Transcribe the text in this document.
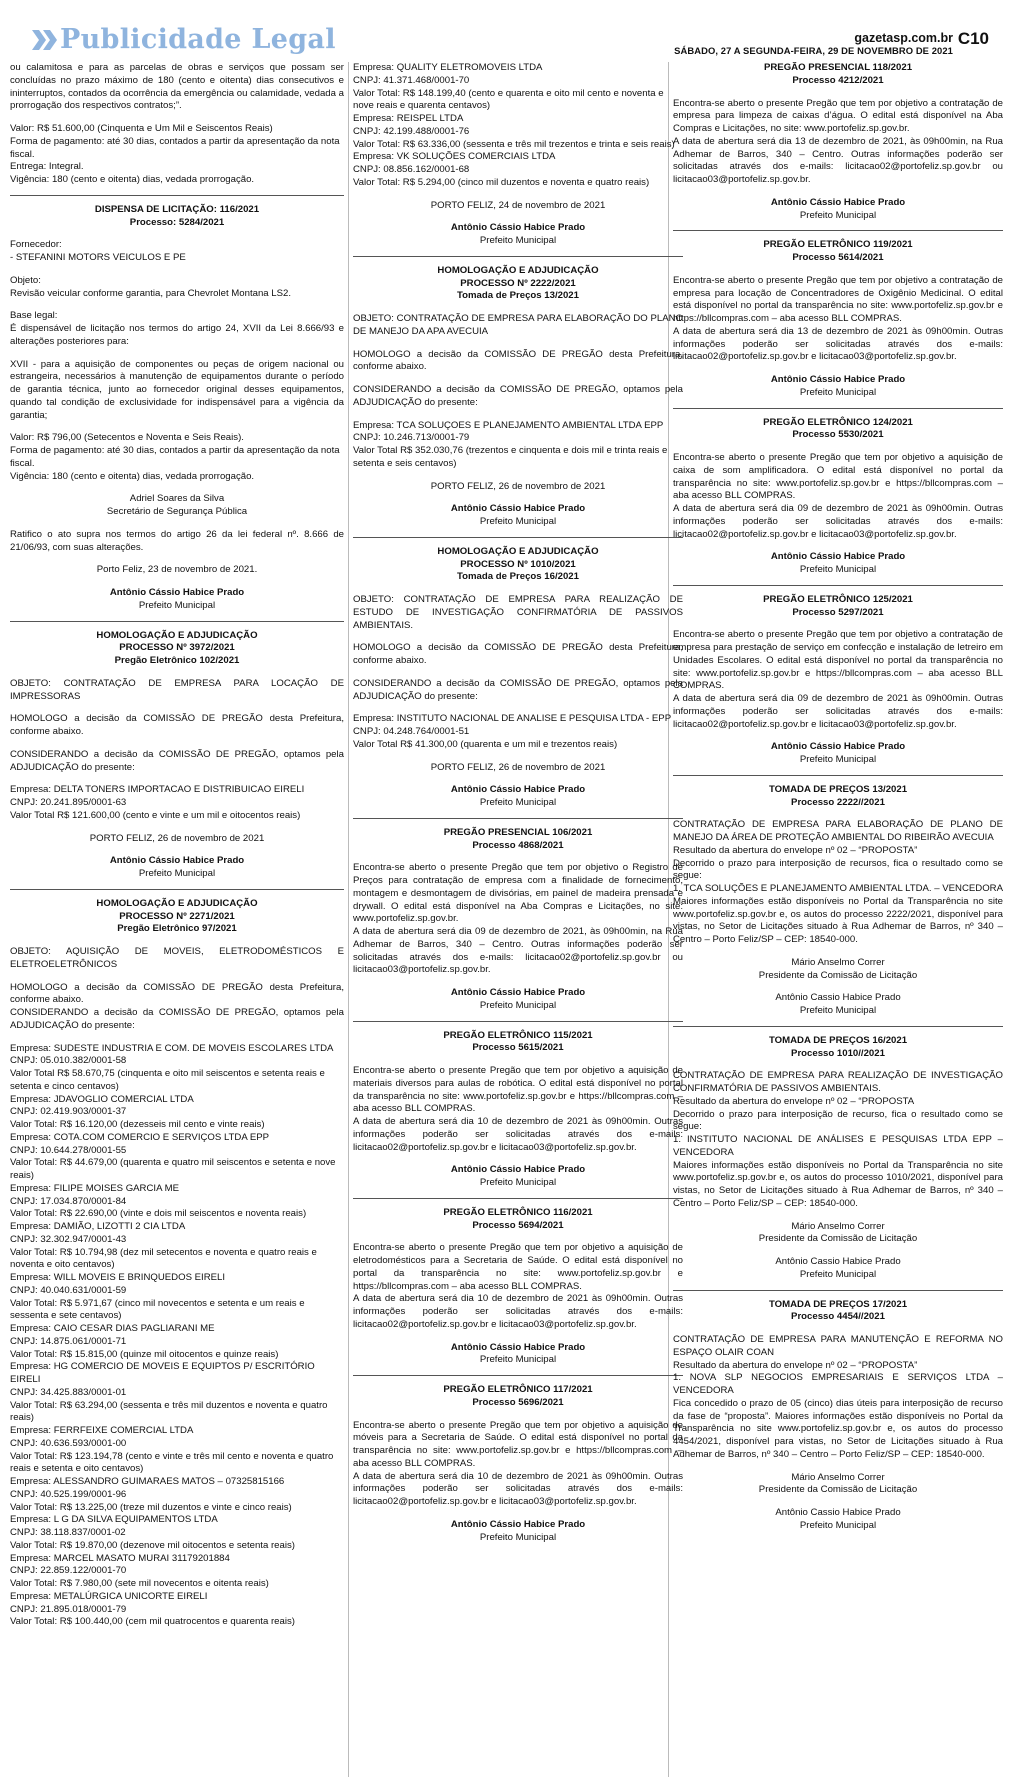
Publicidade Legal	gazetasp.com.br C10
SÁBADO, 27 A SEGUNDA-FEIRA, 29 DE NOVEMBRO DE 2021

ou calamitosa e para as parcelas de obras e serviços que possam ser concluídas no prazo máximo de 180 (cento e oitenta) dias consecutivos e ininterruptos, contados da ocorrência da emergência ou calamidade, vedada a prorrogação dos respectivos contratos;”.

Valor: R$ 51.600,00 (Cinquenta e Um Mil e Seiscentos Reais)
Forma de pagamento: até 30 dias, contados a partir da apresentação da nota fiscal.
Entrega: Integral.
Vigência: 180 (cento e oitenta) dias, vedada prorrogação.

DISPENSA DE LICITAÇÃO: 116/2021

Processo: 5284/2021

Fornecedor:

- STEFANINI MOTORS VEICULOS E PE

Objeto:

Revisão veicular conforme garantia, para Chevrolet Montana LS2.

Base legal:

É dispensável de licitação nos termos do artigo 24, XVII da Lei 8.666/93 e alterações posteriores para:

XVII - para a aquisição de componentes ou peças de origem nacional ou estrangeira, necessários à manutenção de equipamentos durante o período de garantia técnica, junto ao fornecedor original desses equipamentos, quando tal condição de exclusividade for indispensável para a vigência da garantia;

Valor: R$ 796,00 (Setecentos e Noventa e Seis Reais).
Forma de pagamento: até 30 dias, contados a partir da apresentação da nota fiscal.

Vigência: 180 (cento e oitenta) dias, vedada prorrogação.

Adriel Soares da Silva

Secretário de Segurança Pública

Ratifico o ato supra nos termos do artigo 26 da lei federal nº. 8.666 de 21/06/93, com suas alterações.

Porto Feliz, 23 de novembro de 2021.

Antônio Cássio Habice Prado

Prefeito Municipal

HOMOLOGAÇÃO E ADJUDICAÇÃO

PROCESSO Nº 3972/2021

Pregão Eletrônico 102/2021

OBJETO: CONTRATAÇÃO DE EMPRESA PARA LOCAÇÃO DE IMPRESSORAS

HOMOLOGO a decisão da COMISSÃO DE PREGÃO desta Prefeitura, conforme abaixo.

CONSIDERANDO a decisão da COMISSÃO DE PREGÃO, optamos pela ADJUDICAÇÃO do presente:

Empresa: DELTA TONERS IMPORTACAO E DISTRIBUICAO EIRELI
CNPJ: 20.241.895/0001-63

Valor Total R$ 121.600,00 (cento e vinte e um mil e oitocentos reais)

PORTO FELIZ, 26 de novembro de 2021

Antônio Cássio Habice Prado

Prefeito Municipal

HOMOLOGAÇÃO E ADJUDICAÇÃO

PROCESSO Nº 2271/2021

Pregão Eletrônico 97/2021

OBJETO: AQUISIÇÃO DE MOVEIS, ELETRODOMÉSTICOS E ELETROELETRÔNICOS

HOMOLOGO a decisão da COMISSÃO DE PREGÃO desta Prefeitura, conforme abaixo.

CONSIDERANDO a decisão da COMISSÃO DE PREGÃO, optamos pela ADJUDICAÇÃO do presente:

Empresa: SUDESTE INDUSTRIA E COM. DE MOVEIS ESCOLARES LTDA
CNPJ: 05.010.382/0001-58
Valor Total R$ 58.670,75 (cinquenta e oito mil seiscentos e setenta reais e setenta e cinco centavos)
Empresa: JDAVOGLIO COMERCIAL LTDA
CNPJ: 02.419.903/0001-37
Valor Total: R$ 16.120,00 (dezesseis mil cento e vinte reais)
Empresa: COTA.COM COMERCIO E SERVIÇOS LTDA EPP
CNPJ: 10.644.278/0001-55
Valor Total: R$ 44.679,00 (quarenta e quatro mil seiscentos e setenta e nove reais)
Empresa: FILIPE MOISES GARCIA ME
CNPJ: 17.034.870/0001-84
Valor Total: R$ 22.690,00 (vinte e dois mil seiscentos e noventa reais)
Empresa: DAMIÃO, LIZOTTI 2 CIA LTDA
CNPJ: 32.302.947/0001-43
Valor Total: R$ 10.794,98 (dez mil setecentos e noventa e quatro reais e noventa e oito centavos)
Empresa: WILL MOVEIS E BRINQUEDOS EIRELI
CNPJ: 40.040.631/0001-59
Valor Total: R$ 5.971,67 (cinco mil novecentos e setenta e um reais e sessenta e sete centavos)
Empresa: CAIO CESAR DIAS PAGLIARANI ME
CNPJ: 14.875.061/0001-71
Valor Total: R$ 15.815,00 (quinze mil oitocentos e quinze reais)
Empresa: HG COMERCIO DE MOVEIS E EQUIPTOS P/ ESCRITÓRIO EIRELI
CNPJ: 34.425.883/0001-01
Valor Total: R$ 63.294,00 (sessenta e três mil duzentos e noventa e quatro reais)
Empresa: FERRFEIXE COMERCIAL LTDA
CNPJ: 40.636.593/0001-00
Valor Total: R$ 123.194,78 (cento e vinte e três mil cento e noventa e quatro reais e setenta e oito centavos)
Empresa: ALESSANDRO GUIMARAES MATOS – 07325815166
CNPJ: 40.525.199/0001-96
Valor Total: R$ 13.225,00 (treze mil duzentos e vinte e cinco reais)
Empresa: L G DA SILVA EQUIPAMENTOS LTDA
CNPJ: 38.118.837/0001-02
Valor Total: R$ 19.870,00 (dezenove mil oitocentos e setenta reais)
Empresa: MARCEL MASATO MURAI 31179201884
CNPJ: 22.859.122/0001-70
Valor Total: R$ 7.980,00 (sete mil novecentos e oitenta reais)
Empresa: METALÚRGICA UNICORTE EIRELI
CNPJ: 21.895.018/0001-79
Valor Total: R$ 100.440,00 (cem mil quatrocentos e quarenta reais)
Empresa: QUALITY ELETROMOVEIS LTDA
CNPJ: 41.371.468/0001-70
Valor Total: R$ 148.199,40 (cento e quarenta e oito mil cento e noventa e nove reais e quarenta centavos)
Empresa: REISPEL LTDA
CNPJ: 42.199.488/0001-76
Valor Total: R$ 63.336,00 (sessenta e três mil trezentos e trinta e seis reais)
Empresa: VK SOLUÇÕES COMERCIAIS LTDA
CNPJ: 08.856.162/0001-68
Valor Total: R$ 5.294,00 (cinco mil duzentos e noventa e quatro reais)

PORTO FELIZ, 24 de novembro de 2021

Antônio Cássio Habice Prado

Prefeito Municipal

HOMOLOGAÇÃO E ADJUDICAÇÃO

PROCESSO Nº 2222/2021

Tomada de Preços 13/2021

OBJETO: CONTRATAÇÃO DE EMPRESA PARA ELABORAÇÃO DO PLANO DE MANEJO DA APA AVECUIA

HOMOLOGO a decisão da COMISSÃO DE PREGÃO desta Prefeitura, conforme abaixo.

CONSIDERANDO a decisão da COMISSÃO DE PREGÃO, optamos pela ADJUDICAÇÃO do presente:

Empresa: TCA SOLUÇOES E PLANEJAMENTO AMBIENTAL LTDA EPP
CNPJ: 10.246.713/0001-79

Valor Total R$ 352.030,76 (trezentos e cinquenta e dois mil e trinta reais e setenta e seis centavos)

PORTO FELIZ, 26 de novembro de 2021

Antônio Cássio Habice Prado

Prefeito Municipal

HOMOLOGAÇÃO E ADJUDICAÇÃO

PROCESSO Nº 1010/2021

Tomada de Preços 16/2021

OBJETO: CONTRATAÇÃO DE EMPRESA PARA REALIZAÇÃO DE ESTUDO DE INVESTIGAÇÃO CONFIRMATÓRIA DE PASSIVOS AMBIENTAIS.

HOMOLOGO a decisão da COMISSÃO DE PREGÃO desta Prefeitura, conforme abaixo.

CONSIDERANDO a decisão da COMISSÃO DE PREGÃO, optamos pela ADJUDICAÇÃO do presente:

Empresa: INSTITUTO NACIONAL DE ANALISE E PESQUISA LTDA - EPP
CNPJ: 04.248.764/0001-51

Valor Total R$ 41.300,00 (quarenta e um mil e trezentos reais)

PORTO FELIZ, 26 de novembro de 2021

Antônio Cássio Habice Prado

Prefeito Municipal

PREGÃO PRESENCIAL 106/2021

Processo 4868/2021

Encontra-se aberto o presente Pregão que tem por objetivo o Registro de Preços para contratação de empresa com a finalidade de fornecimento, montagem e desmontagem de divisórias, em painel de madeira prensada e drywall. O edital está disponível na Aba Compras e Licitações, no site: www.portofeliz.sp.gov.br.

A data de abertura será dia 09 de dezembro de 2021, às 09h00min, na Rua Adhemar de Barros, 340 – Centro. Outras informações poderão ser solicitadas através dos e-mails: licitacao02@portofeliz.sp.gov.br ou licitacao03@portofeliz.sp.gov.br.

Antônio Cássio Habice Prado

Prefeito Municipal

PREGÃO ELETRÔNICO 115/2021

Processo 5615/2021

Encontra-se aberto o presente Pregão que tem por objetivo a aquisição de materiais diversos para aulas de robótica. O edital está disponível no portal da transparência no site: www.portofeliz.sp.gov.br e https://bllcompras.com – aba acesso BLL COMPRAS.

A data de abertura será dia 10 de dezembro de 2021 às 09h00min. Outras informações poderão ser solicitadas através dos e-mails: licitacao02@portofeliz.sp.gov.br e licitacao03@portofeliz.sp.gov.br.

Antônio Cássio Habice Prado

Prefeito Municipal

PREGÃO ELETRÔNICO 116/2021

Processo 5694/2021

Encontra-se aberto o presente Pregão que tem por objetivo a aquisição de eletrodomésticos para a Secretaria de Saúde. O edital está disponível no portal da transparência no site: www.portofeliz.sp.gov.br e https://bllcompras.com – aba acesso BLL COMPRAS.

A data de abertura será dia 10 de dezembro de 2021 às 09h00min. Outras informações poderão ser solicitadas através dos e-mails: licitacao02@portofeliz.sp.gov.br e licitacao03@portofeliz.sp.gov.br.

Antônio Cássio Habice Prado

Prefeito Municipal

PREGÃO ELETRÔNICO 117/2021

Processo 5696/2021

Encontra-se aberto o presente Pregão que tem por objetivo a aquisição de móveis para a Secretaria de Saúde. O edital está disponível no portal da transparência no site: www.portofeliz.sp.gov.br e https://bllcompras.com – aba acesso BLL COMPRAS.

A data de abertura será dia 10 de dezembro de 2021 às 09h00min. Outras informações poderão ser solicitadas através dos e-mails: licitacao02@portofeliz.sp.gov.br e licitacao03@portofeliz.sp.gov.br.

Antônio Cássio Habice Prado

Prefeito Municipal

PREGÃO PRESENCIAL 118/2021

Processo 4212/2021

Encontra-se aberto o presente Pregão que tem por objetivo a contratação de empresa para limpeza de caixas d’água. O edital está disponível na Aba Compras e Licitações, no site: www.portofeliz.sp.gov.br.

A data de abertura será dia 13 de dezembro de 2021, às 09h00min, na Rua Adhemar de Barros, 340 – Centro. Outras informações poderão ser solicitadas através dos e-mails: licitacao02@portofeliz.sp.gov.br ou licitacao03@portofeliz.sp.gov.br.

Antônio Cássio Habice Prado

Prefeito Municipal

PREGÃO ELETRÔNICO 119/2021

Processo 5614/2021

Encontra-se aberto o presente Pregão que tem por objetivo a contratação de empresa para locação de Concentradores de Oxigênio Medicinal. O edital está disponível no portal da transparência no site: www.portofeliz.sp.gov.br e https://bllcompras.com – aba acesso BLL COMPRAS.

A data de abertura será dia 13 de dezembro de 2021 às 09h00min. Outras informações poderão ser solicitadas através dos e-mails: licitacao02@portofeliz.sp.gov.br e licitacao03@portofeliz.sp.gov.br.

Antônio Cássio Habice Prado

Prefeito Municipal

PREGÃO ELETRÔNICO 124/2021

Processo 5530/2021

Encontra-se aberto o presente Pregão que tem por objetivo a aquisição de caixa de som amplificadora. O edital está disponível no portal da transparência no site: www.portofeliz.sp.gov.br e https://bllcompras.com – aba acesso BLL COMPRAS.

A data de abertura será dia 09 de dezembro de 2021 às 09h00min. Outras informações poderão ser solicitadas através dos e-mails: licitacao02@portofeliz.sp.gov.br e licitacao03@portofeliz.sp.gov.br.

Antônio Cássio Habice Prado

Prefeito Municipal

PREGÃO ELETRÔNICO 125/2021

Processo 5297/2021

Encontra-se aberto o presente Pregão que tem por objetivo a contratação de empresa para prestação de serviço em confecção e instalação de letreiro em Unidades Escolares. O edital está disponível no portal da transparência no site: www.portofeliz.sp.gov.br e https://bllcompras.com – aba acesso BLL COMPRAS.

A data de abertura será dia 09 de dezembro de 2021 às 09h00min. Outras informações poderão ser solicitadas através dos e-mails: licitacao02@portofeliz.sp.gov.br e licitacao03@portofeliz.sp.gov.br.

Antônio Cássio Habice Prado

Prefeito Municipal

TOMADA DE PREÇOS 13/2021

Processo 2222//2021

CONTRATAÇÃO DE EMPRESA PARA ELABORAÇÃO DE PLANO DE MANEJO DA ÁREA DE PROTEÇÃO AMBIENTAL DO RIBEIRÃO AVECUIA
Resultado da abertura do envelope nº 02 – “PROPOSTA”
Decorrido o prazo para interposição de recursos, fica o resultado como se segue:
1. TCA SOLUÇÕES E PLANEJAMENTO AMBIENTAL LTDA. – VENCEDORA

Maiores informações estão disponíveis no Portal da Transparência no site www.portofeliz.sp.gov.br e, os autos do processo 2222/2021, disponível para vistas, no Setor de Licitações situado à Rua Adhemar de Barros, nº 340 – Centro – Porto Feliz/SP – CEP: 18540-000.

Mário Anselmo Correr

Presidente da Comissão de Licitação

Antônio Cassio Habice Prado

Prefeito Municipal

TOMADA DE PREÇOS 16/2021

Processo 1010//2021

CONTRATAÇÃO DE EMPRESA PARA REALIZAÇÃO DE INVESTIGAÇÃO CONFIRMATÓRIA DE PASSIVOS AMBIENTAIS.
Resultado da abertura do envelope nº 02 – “PROPOSTA
Decorrido o prazo para interposição de recurso, fica o resultado como se segue:
1. INSTITUTO NACIONAL DE ANÁLISES E PESQUISAS LTDA EPP – VENCEDORA

Maiores informações estão disponíveis no Portal da Transparência no site www.portofeliz.sp.gov.br e, os autos do processo 1010/2021, disponível para vistas, no Setor de Licitações situado à Rua Adhemar de Barros, nº 340 – Centro – Porto Feliz/SP – CEP: 18540-000.

Mário Anselmo Correr

Presidente da Comissão de Licitação

Antônio Cassio Habice Prado

Prefeito Municipal

TOMADA DE PREÇOS 17/2021

Processo 4454//2021

CONTRATAÇÃO DE EMPRESA PARA MANUTENÇÃO E REFORMA NO ESPAÇO OLAIR COAN
Resultado da abertura do envelope nº 02 – “PROPOSTA”
1. NOVA SLP NEGOCIOS EMPRESARIAIS E SERVIÇOS LTDA – VENCEDORA

Fica concedido o prazo de 05 (cinco) dias úteis para interposição de recurso da fase de “proposta”. Maiores informações estão disponíveis no Portal da Transparência no site www.portofeliz.sp.gov.br e, os autos do processo 4454/2021, disponível para vistas, no Setor de Licitações situado à Rua Adhemar de Barros, nº 340 – Centro – Porto Feliz/SP – CEP: 18540-000.

Mário Anselmo Correr

Presidente da Comissão de Licitação

Antônio Cassio Habice Prado

Prefeito Municipal
